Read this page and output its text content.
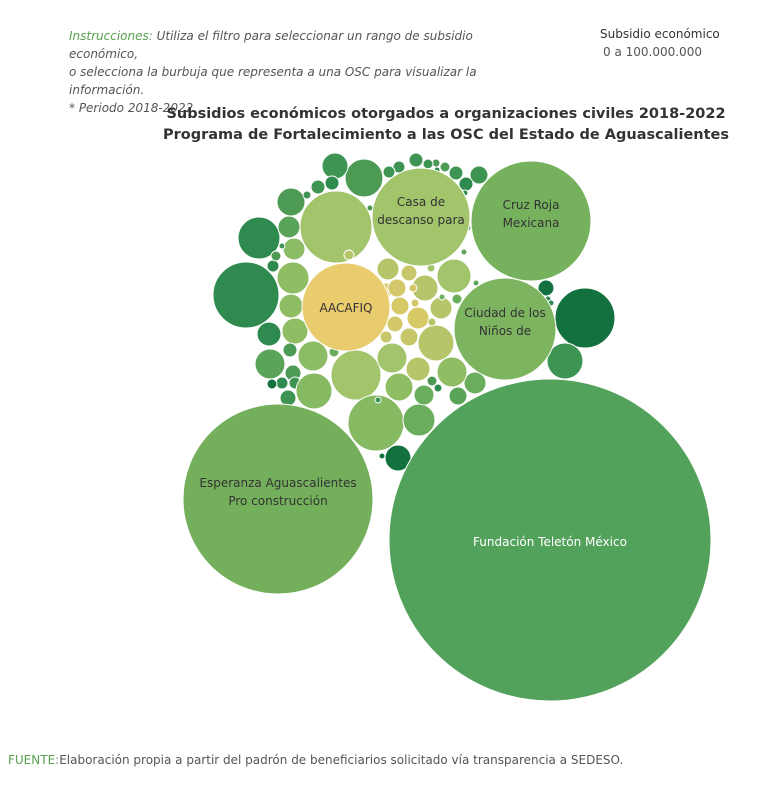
Instrucciones: Utiliza el filtro para seleccionar un rango de subsidio económico,
o selecciona la burbuja que representa a una OSC para visualizar la información.
* Periodo 2018-2022
Subsidio económico
0 a 100.000.000
Subsidios económicos otorgados a organizaciones civiles 2018-2022
Programa de Fortalecimiento a las OSC del Estado de Aguascalientes
Fundación Teletón México
Esperanza Aguascalientes Pro construcción
Cruz Roja Mexicana
Casa de descanso para
Ciudad de los Niños de
AACAFIQ
FUENTE:Elaboración propia a partir del padrón de beneficiarios solicitado vía transparencia a SEDESO.
